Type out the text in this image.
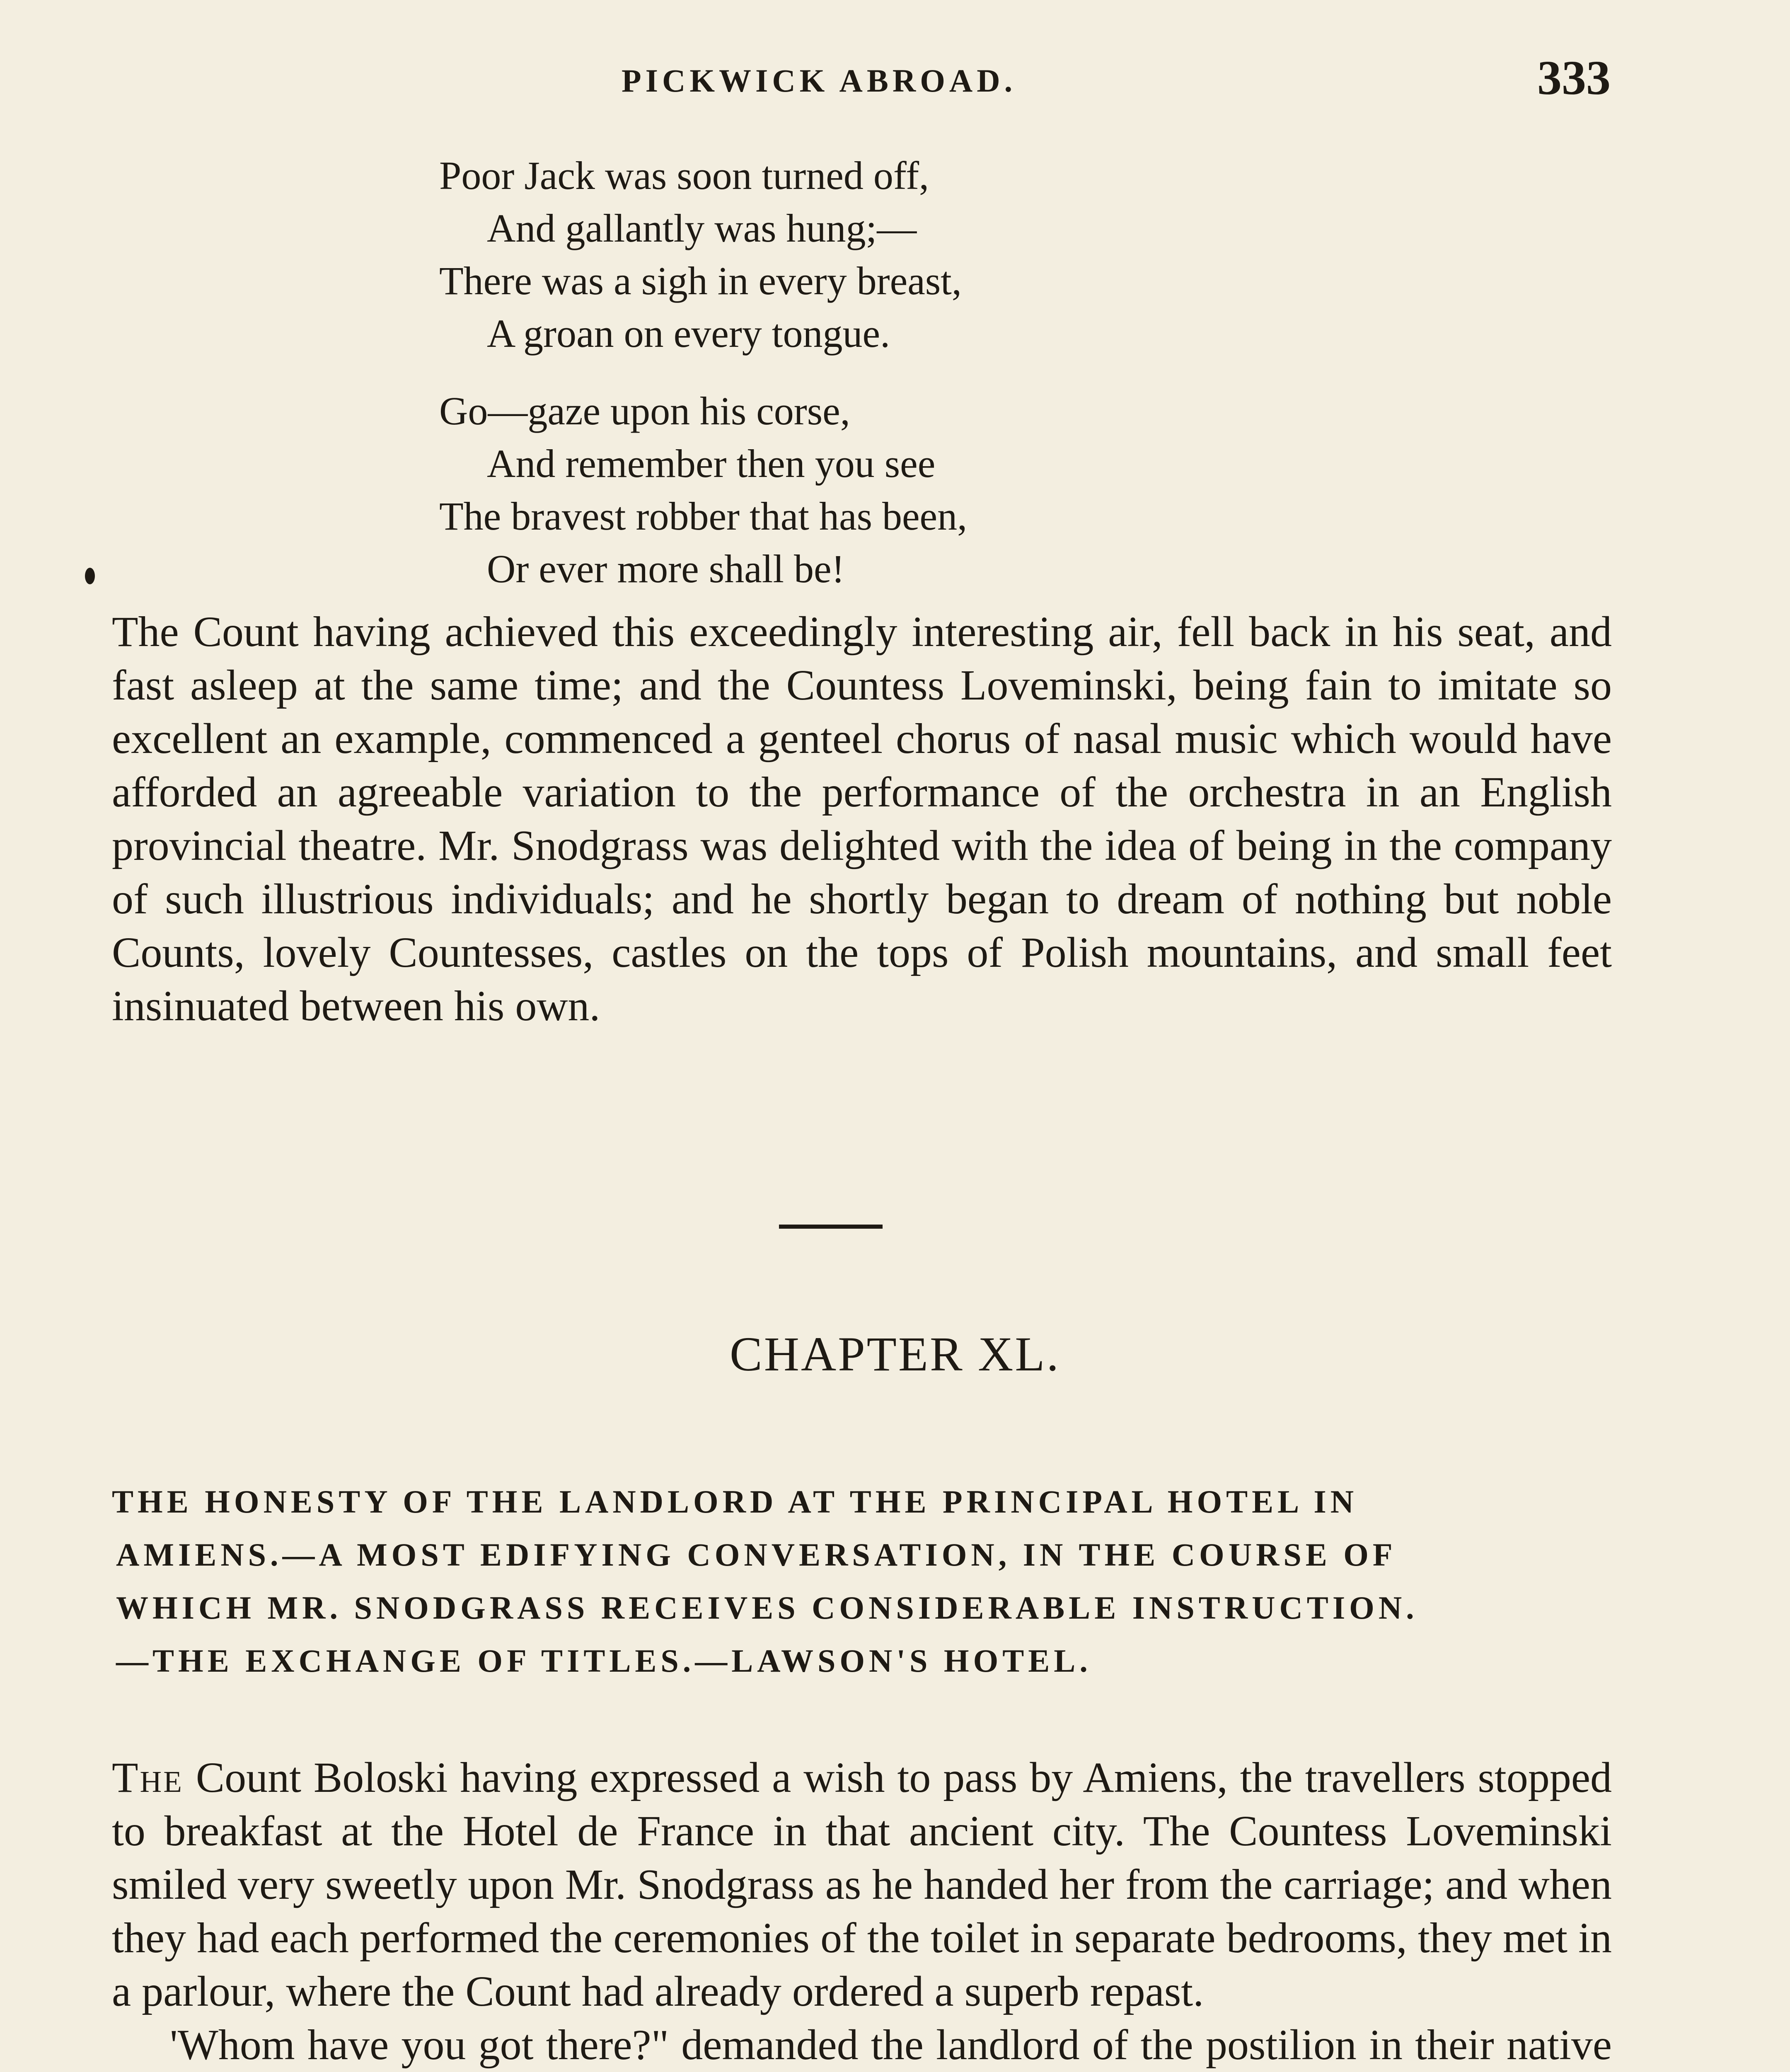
PICKWICK ABROAD.	333
Poor Jack was soon turned off,
And gallantly was hung;—
There was a sigh in every breast,
A groan on every tongue.
Go—gaze upon his corse,
And remember then you see
The bravest robber that has been,
Or ever more shall be!

The Count having achieved this exceedingly interesting air, fell back in his seat, and fast asleep at the same time; and the Countess Loveminski, being fain to imitate so excellent an example, commenced a genteel chorus of nasal music which would have afforded an agreeable variation to the performance of the orchestra in an English provincial theatre. Mr. Snodgrass was delighted with the idea of being in the company of such illustrious individuals; and he shortly began to dream of nothing but noble Counts, lovely Countesses, castles on the tops of Polish mountains, and small feet insinuated between his own.

CHAPTER XL.
THE HONESTY OF THE LANDLORD AT THE PRINCIPAL HOTEL IN
AMIENS.—A MOST EDIFYING CONVERSATION, IN THE COURSE OF
WHICH MR. SNODGRASS RECEIVES CONSIDERABLE INSTRUCTION.
—THE EXCHANGE OF TITLES.—LAWSON'S HOTEL.

The Count Boloski having expressed a wish to pass by Amiens, the travellers stopped to breakfast at the Hotel de France in that ancient city. The Countess Loveminski smiled very sweetly upon Mr. Snodgrass as he handed her from the carriage; and when they had each performed the ceremonies of the toilet in separate bedrooms, they met in a parlour, where the Count had already ordered a superb repast.

'Whom have you got there?" demanded the landlord of the postilion in their native
